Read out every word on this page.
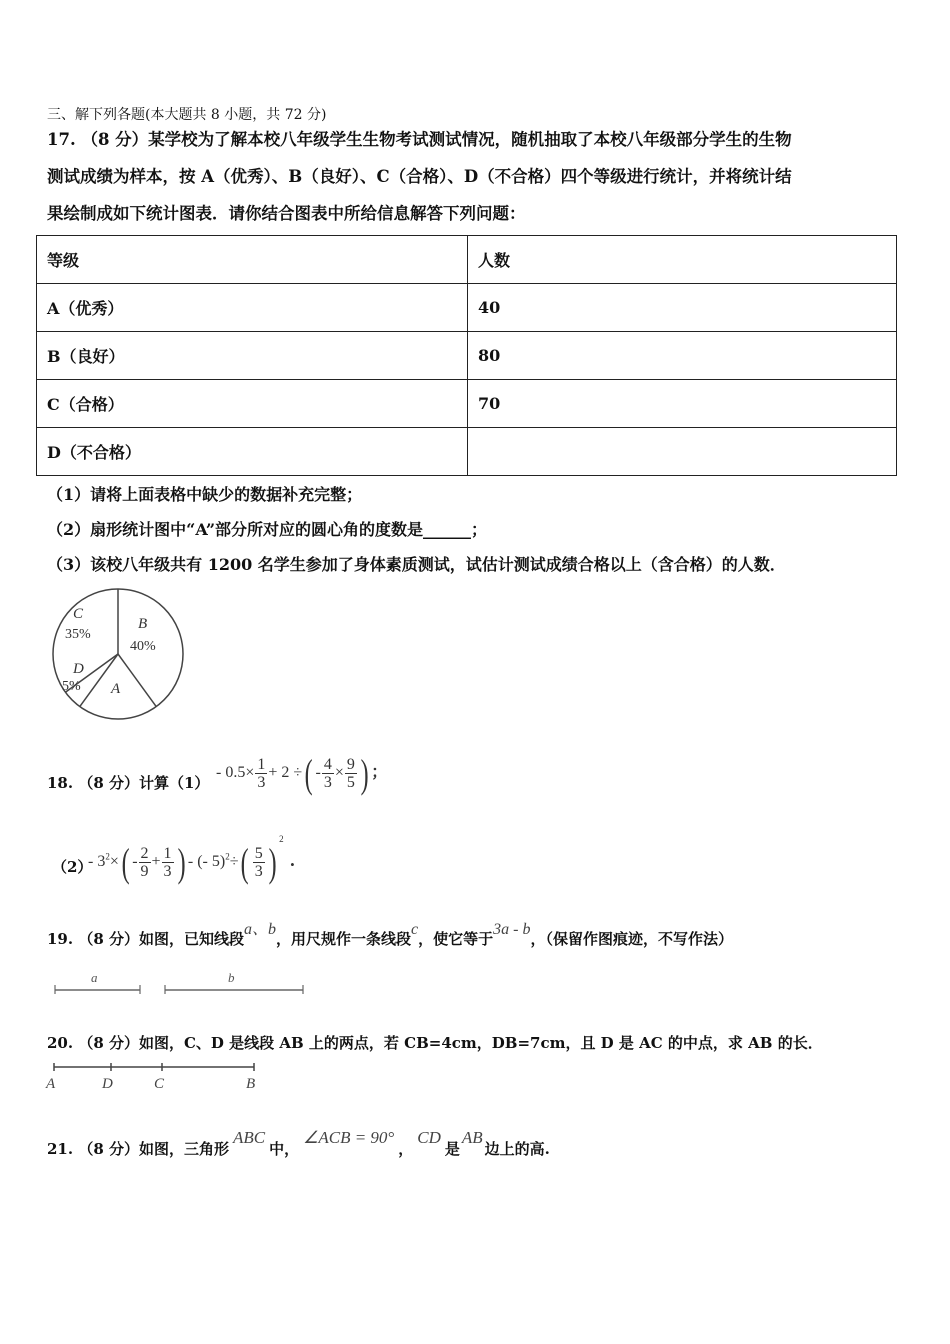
三、解下列各题(本大题共 8 小题，共 72 分)
17. （8 分）某学校为了解本校八年级学生生物考试测试情况，随机抽取了本校八年级部分学生的生物
测试成绩为样本，按 A（优秀）、B（良好）、C（合格）、D（不合格）四个等级进行统计，并将统计结
果绘制成如下统计图表．请你结合图表中所给信息解答下列问题：
等级	人数
A（优秀）	40
B（良好）	80
C（合格）	70
D（不合格）	
（1）请将上面表格中缺少的数据补充完整；
（2）扇形统计图中“A”部分所对应的圆心角的度数是______；
（3）该校八年级共有 1200 名学生参加了身体素质测试，试估计测试成绩合格以上（含合格）的人数．
B
40%
A
D
5%
C
35%
18. （8 分）计算（1）
- $0.5\times \frac{1}{3} + 2$ ÷( - $\frac{4}{3} \times \frac{9}{5}$ ) ；
（2）
- $3^2\times( - \frac{2}{9} + \frac{1}{3}$ ) - (- $5)^2\div( \frac{5}{3} )^2$.
19. （8 分）如图，已知线段a、b，用尺规作一条线段c，使它等于3a - b，（保留作图痕迹，不写作法）
a	b
20. （8 分）如图，C、D 是线段 AB 上的两点，若 CB=4cm，DB=7cm，且 D 是 AC 的中点，求 AB 的长．
A	D	C	B
21. （8 分）如图，三角形ABC中，∠ACB = 90°，CD是AB边上的高.
